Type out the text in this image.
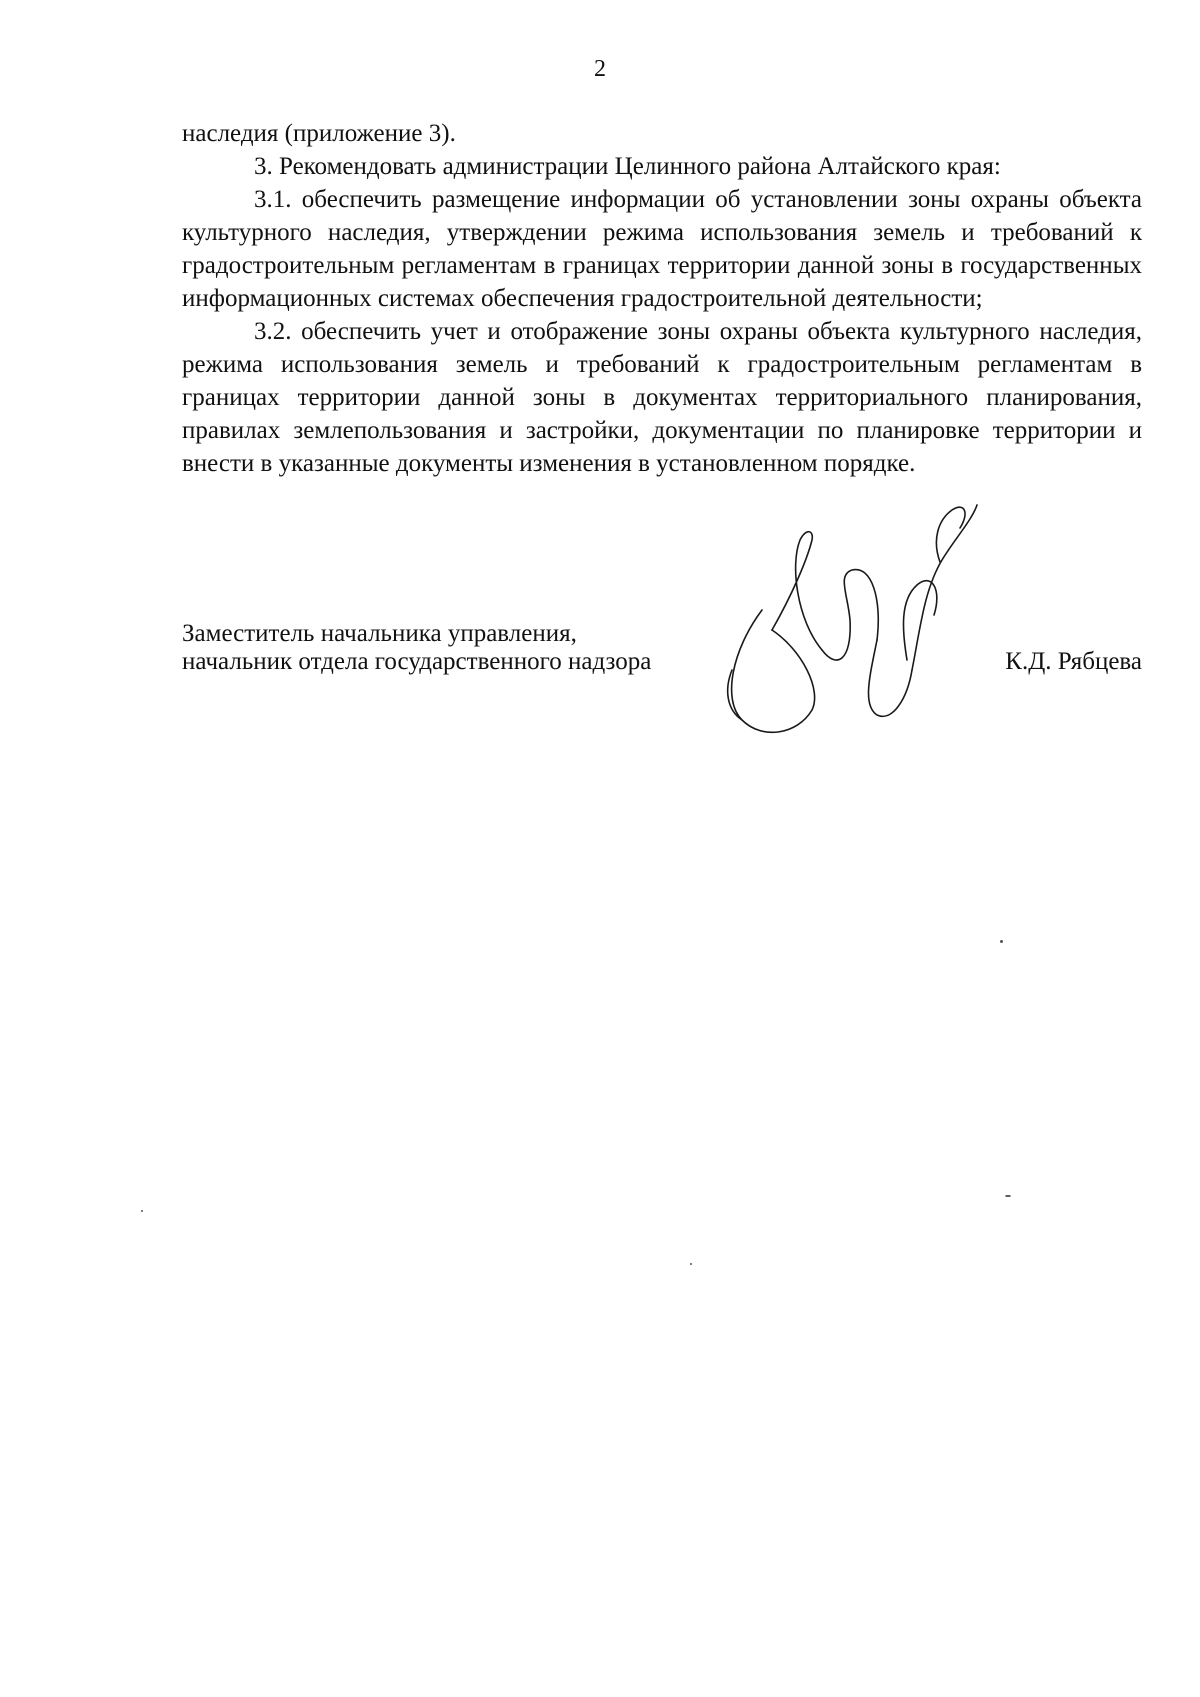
2

наследия (приложение 3).

3. Рекомендовать администрации Целинного района Алтайского края:

3.1. обеспечить размещение информации об установлении зоны охраны объекта культурного наследия, утверждении режима использования земель и требований к градостроительным регламентам в границах территории данной зоны в государственных информационных системах обеспечения градостроительной деятельности;

3.2. обеспечить учет и отображение зоны охраны объекта культурного наследия, режима использования земель и требований к градостроительным регламентам в границах территории данной зоны в документах территориального планирования, правилах землепользования и застройки, документации по планировке территории и внести в указанные документы изменения в установленном порядке.

Заместитель начальника управления,
начальник отдела государственного надзора	К.Д. Рябцева
